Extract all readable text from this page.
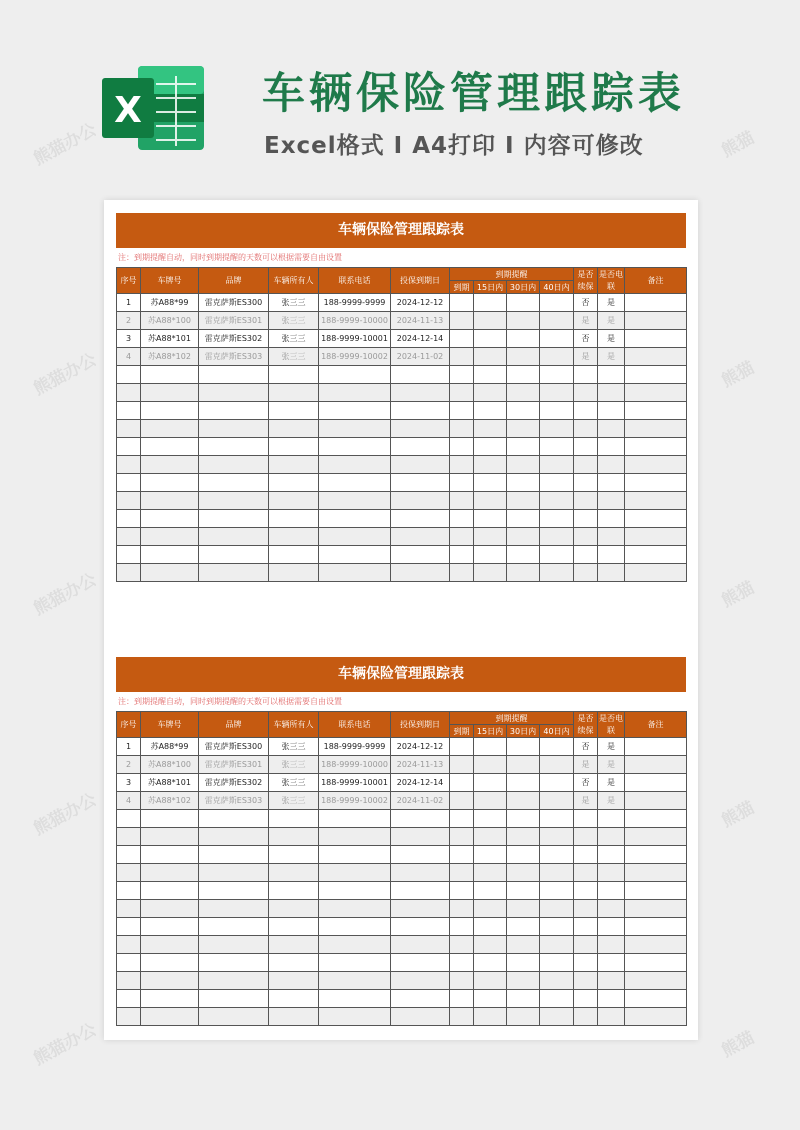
熊猫办公	熊猫
熊猫办公	熊猫
熊猫办公	熊猫
熊猫办公	熊猫
熊猫办公	熊猫
X	车辆保险管理跟踪表
Excel格式 I A4打印 I 内容可修改
车辆保险管理跟踪表
注：到期提醒自动，同时到期提醒的天数可以根据需要自由设置
序号	车牌号	品牌	车辆所有人	联系电话	投保到期日	到期提醒				是否续保	是否电联	备注
						到期	15日内	30日内	40日内			
1	苏A88*99	雷克萨斯ES300	张三三	188-9999-9999	2024-12-12					否	是	
2	苏A88*100	雷克萨斯ES301	张三三	188-9999-10000	2024-11-13					是	是	
3	苏A88*101	雷克萨斯ES302	张三三	188-9999-10001	2024-12-14					否	是	
4	苏A88*102	雷克萨斯ES303	张三三	188-9999-10002	2024-11-02					是	是	

车辆保险管理跟踪表
注：到期提醒自动，同时到期提醒的天数可以根据需要自由设置
序号	车牌号	品牌	车辆所有人	联系电话	投保到期日	到期提醒				是否续保	是否电联	备注
						到期	15日内	30日内	40日内			
1	苏A88*99	雷克萨斯ES300	张三三	188-9999-9999	2024-12-12					否	是	
2	苏A88*100	雷克萨斯ES301	张三三	188-9999-10000	2024-11-13					是	是	
3	苏A88*101	雷克萨斯ES302	张三三	188-9999-10001	2024-12-14					否	是	
4	苏A88*102	雷克萨斯ES303	张三三	188-9999-10002	2024-11-02					是	是	
